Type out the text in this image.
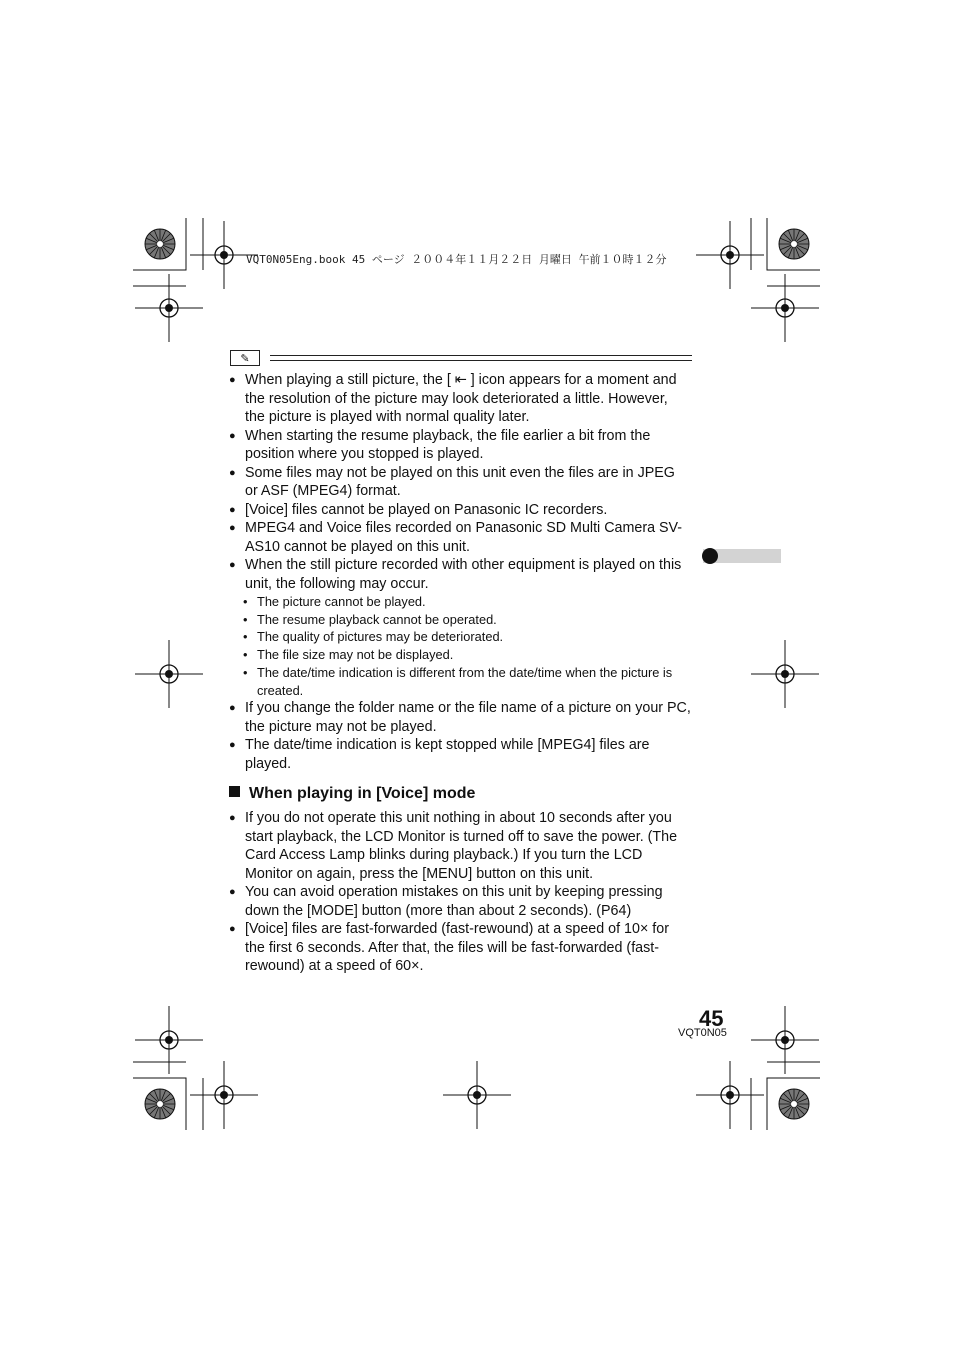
VQT0N05Eng.book 45 ページ ２００４年１１月２２日 月曜日 午前１０時１２分
✎
● When playing a still picture, the [ ⇤ ] icon appears for a moment and the resolution of the picture may look deteriorated a little. However, the picture is played with normal quality later.
● When starting the resume playback, the file earlier a bit from the position where you stopped is played.
● Some files may not be played on this unit even the files are in JPEG or ASF (MPEG4) format.
● [Voice] files cannot be played on Panasonic IC recorders.
● MPEG4 and Voice files recorded on Panasonic SD Multi Camera SV-AS10 cannot be played on this unit.
● When the still picture recorded with other equipment is played on this unit, the following may occur.
• The picture cannot be played.
• The resume playback cannot be operated.
• The quality of pictures may be deteriorated.
• The file size may not be displayed.
• The date/time indication is different from the date/time when the picture is created.
● If you change the folder name or the file name of a picture on your PC, the picture may not be played.
● The date/time indication is kept stopped while [MPEG4] files are played.
When playing in [Voice] mode
● If you do not operate this unit nothing in about 10 seconds after you start playback, the LCD Monitor is turned off to save the power. (The Card Access Lamp blinks during playback.) If you turn the LCD Monitor on again, press the [MENU] button on this unit.
● You can avoid operation mistakes on this unit by keeping pressing down the [MODE] button (more than about 2 seconds). (P64)
● [Voice] files are fast-forwarded (fast-rewound) at a speed of 10× for the first 6 seconds. After that, the files will be fast-forwarded (fast-rewound) at a speed of 60×.
45
VQT0N05
